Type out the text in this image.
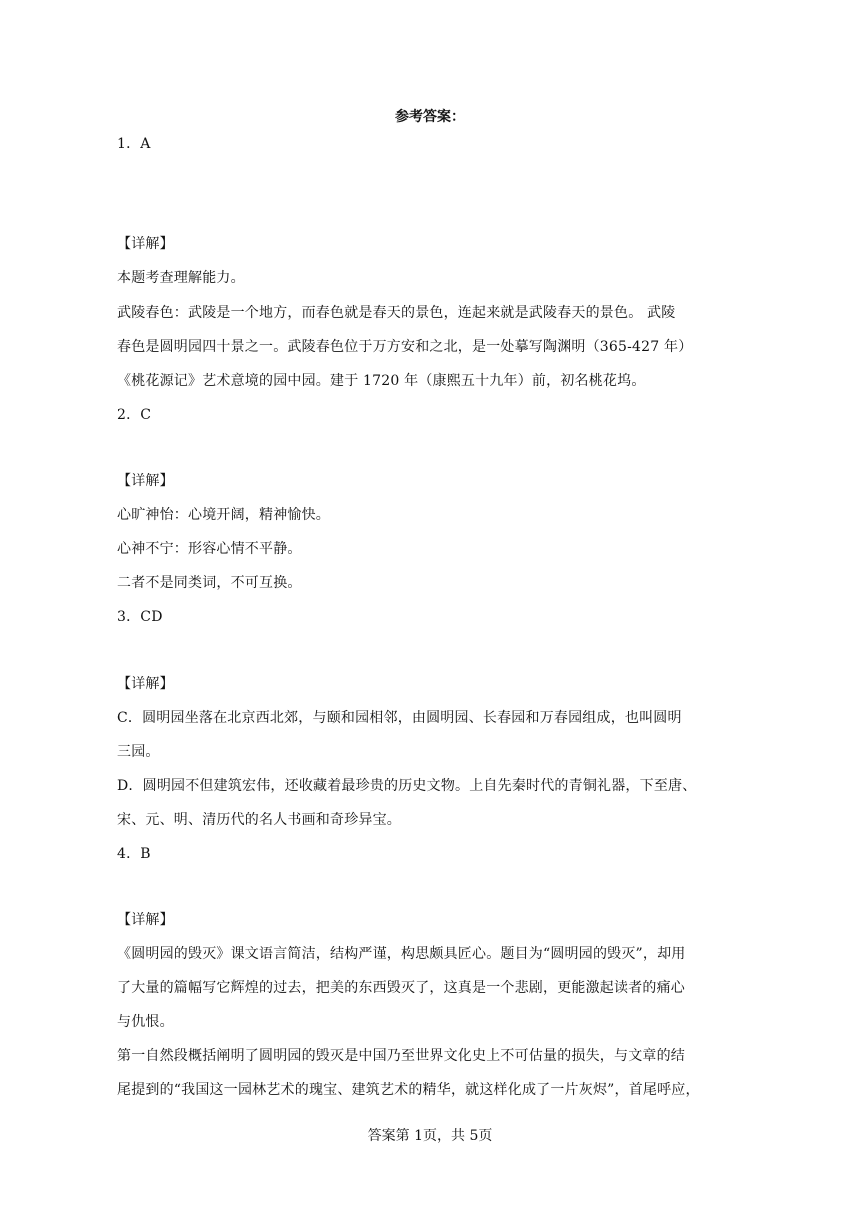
参考答案：
1．A
【详解】
本题考查理解能力。
武陵春色：武陵是一个地方，而春色就是春天的景色，连起来就是武陵春天的景色。 武陵
春色是圆明园四十景之一。武陵春色位于万方安和之北，是一处摹写陶渊明（365-427 年）
《桃花源记》艺术意境的园中园。建于 1720 年（康熙五十九年）前，初名桃花坞。
2．C
【详解】
心旷神怡：心境开阔，精神愉快。
心神不宁：形容心情不平静。
二者不是同类词，不可互换。
3．CD
【详解】
C．圆明园坐落在北京西北郊，与颐和园相邻，由圆明园、长春园和万春园组成，也叫圆明
三园。
D．圆明园不但建筑宏伟，还收藏着最珍贵的历史文物。上自先秦时代的青铜礼器，下至唐、
宋、元、明、清历代的名人书画和奇珍异宝。
4．B
【详解】
《圆明园的毁灭》课文语言简洁，结构严谨，构思颇具匠心。题目为“圆明园的毁灭”，却用
了大量的篇幅写它辉煌的过去，把美的东西毁灭了，这真是一个悲剧，更能激起读者的痛心
与仇恨。
第一自然段概括阐明了圆明园的毁灭是中国乃至世界文化史上不可估量的损失，与文章的结
尾提到的“我国这一园林艺术的瑰宝、建筑艺术的精华，就这样化成了一片灰烬”，首尾呼应，
答案第 1页，共 5页
